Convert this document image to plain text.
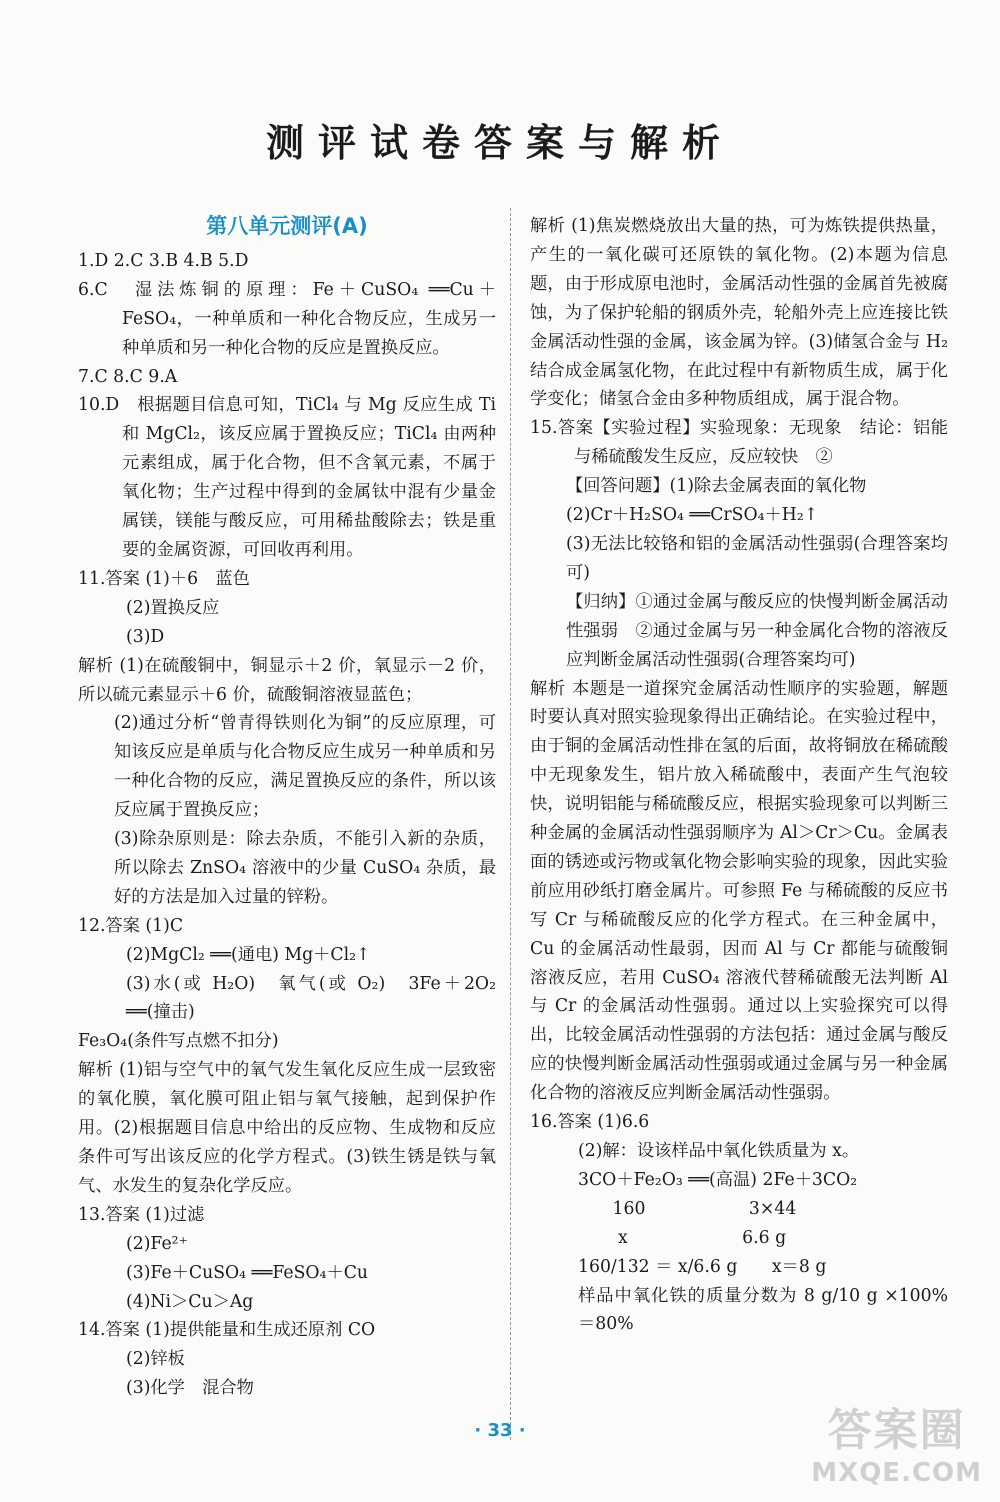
测评试卷答案与解析

第八单元测评(A)

1.D 2.C 3.B 4.B 5.D

6.C　湿法炼铜的原理：Fe＋CuSO₄ ══Cu＋FeSO₄，一种单质和一种化合物反应，生成另一种单质和另一种化合物的反应是置换反应。

7.C 8.C 9.A

10.D　根据题目信息可知，TiCl₄ 与 Mg 反应生成 Ti 和 MgCl₂，该反应属于置换反应；TiCl₄ 由两种元素组成，属于化合物，但不含氧元素，不属于氧化物；生产过程中得到的金属钛中混有少量金属镁，镁能与酸反应，可用稀盐酸除去；铁是重要的金属资源，可回收再利用。

11.答案 (1)＋6　蓝色

(2)置换反应

(3)D

解析 (1)在硫酸铜中，铜显示＋2 价，氧显示－2 价，所以硫元素显示＋6 价，硫酸铜溶液显蓝色；

(2)通过分析“曾青得铁则化为铜”的反应原理，可知该反应是单质与化合物反应生成另一种单质和另一种化合物的反应，满足置换反应的条件，所以该反应属于置换反应；

(3)除杂原则是：除去杂质，不能引入新的杂质，所以除去 ZnSO₄ 溶液中的少量 CuSO₄ 杂质，最好的方法是加入过量的锌粉。

12.答案 (1)C

(2)MgCl₂ ══(通电) Mg＋Cl₂↑

(3)水(或 H₂O)　氧气(或 O₂)　3Fe＋2O₂ ══(撞击)

Fe₃O₄(条件写点燃不扣分)

解析 (1)铝与空气中的氧气发生氧化反应生成一层致密的氧化膜，氧化膜可阻止铝与氧气接触，起到保护作用。(2)根据题目信息中给出的反应物、生成物和反应条件可写出该反应的化学方程式。(3)铁生锈是铁与氧气、水发生的复杂化学反应。

13.答案 (1)过滤

(2)Fe²⁺

(3)Fe＋CuSO₄ ══FeSO₄＋Cu

(4)Ni＞Cu＞Ag

14.答案 (1)提供能量和生成还原剂 CO

(2)锌板

(3)化学　混合物

解析 (1)焦炭燃烧放出大量的热，可为炼铁提供热量，产生的一氧化碳可还原铁的氧化物。(2)本题为信息题，由于形成原电池时，金属活动性强的金属首先被腐蚀，为了保护轮船的钢质外壳，轮船外壳上应连接比铁金属活动性强的金属，该金属为锌。(3)储氢合金与 H₂ 结合成金属氢化物，在此过程中有新物质生成，属于化学变化；储氢合金由多种物质组成，属于混合物。

15.答案【实验过程】实验现象：无现象　结论：铝能与稀硫酸发生反应，反应较快　②

【回答问题】(1)除去金属表面的氧化物

(2)Cr＋H₂SO₄ ══CrSO₄＋H₂↑

(3)无法比较铬和铝的金属活动性强弱(合理答案均可)

【归纳】①通过金属与酸反应的快慢判断金属活动性强弱　②通过金属与另一种金属化合物的溶液反应判断金属活动性强弱(合理答案均可)

解析 本题是一道探究金属活动性顺序的实验题，解题时要认真对照实验现象得出正确结论。在实验过程中，由于铜的金属活动性排在氢的后面，故将铜放在稀硫酸中无现象发生，铝片放入稀硫酸中，表面产生气泡较快，说明铝能与稀硫酸反应，根据实验现象可以判断三种金属的金属活动性强弱顺序为 Al＞Cr＞Cu。金属表面的锈迹或污物或氧化物会影响实验的现象，因此实验前应用砂纸打磨金属片。可参照 Fe 与稀硫酸的反应书写 Cr 与稀硫酸反应的化学方程式。在三种金属中，Cu 的金属活动性最弱，因而 Al 与 Cr 都能与硫酸铜溶液反应，若用 CuSO₄ 溶液代替稀硫酸无法判断 Al 与 Cr 的金属活动性强弱。通过以上实验探究可以得出，比较金属活动性强弱的方法包括：通过金属与酸反应的快慢判断金属活动性强弱或通过金属与另一种金属化合物的溶液反应判断金属活动性强弱。

16.答案 (1)6.6

(2)解：设该样品中氧化铁质量为 x。

3CO＋Fe₂O₃ ══(高温) 2Fe＋3CO₂

　　160　　　　　　3×44

　　 x 　　　　　　 6.6 g

160/132 ＝ x/6.6 g　　x＝8 g

样品中氧化铁的质量分数为 8 g/10 g ×100%＝80%

· 33 ·	答案圈
MXQE.COM
